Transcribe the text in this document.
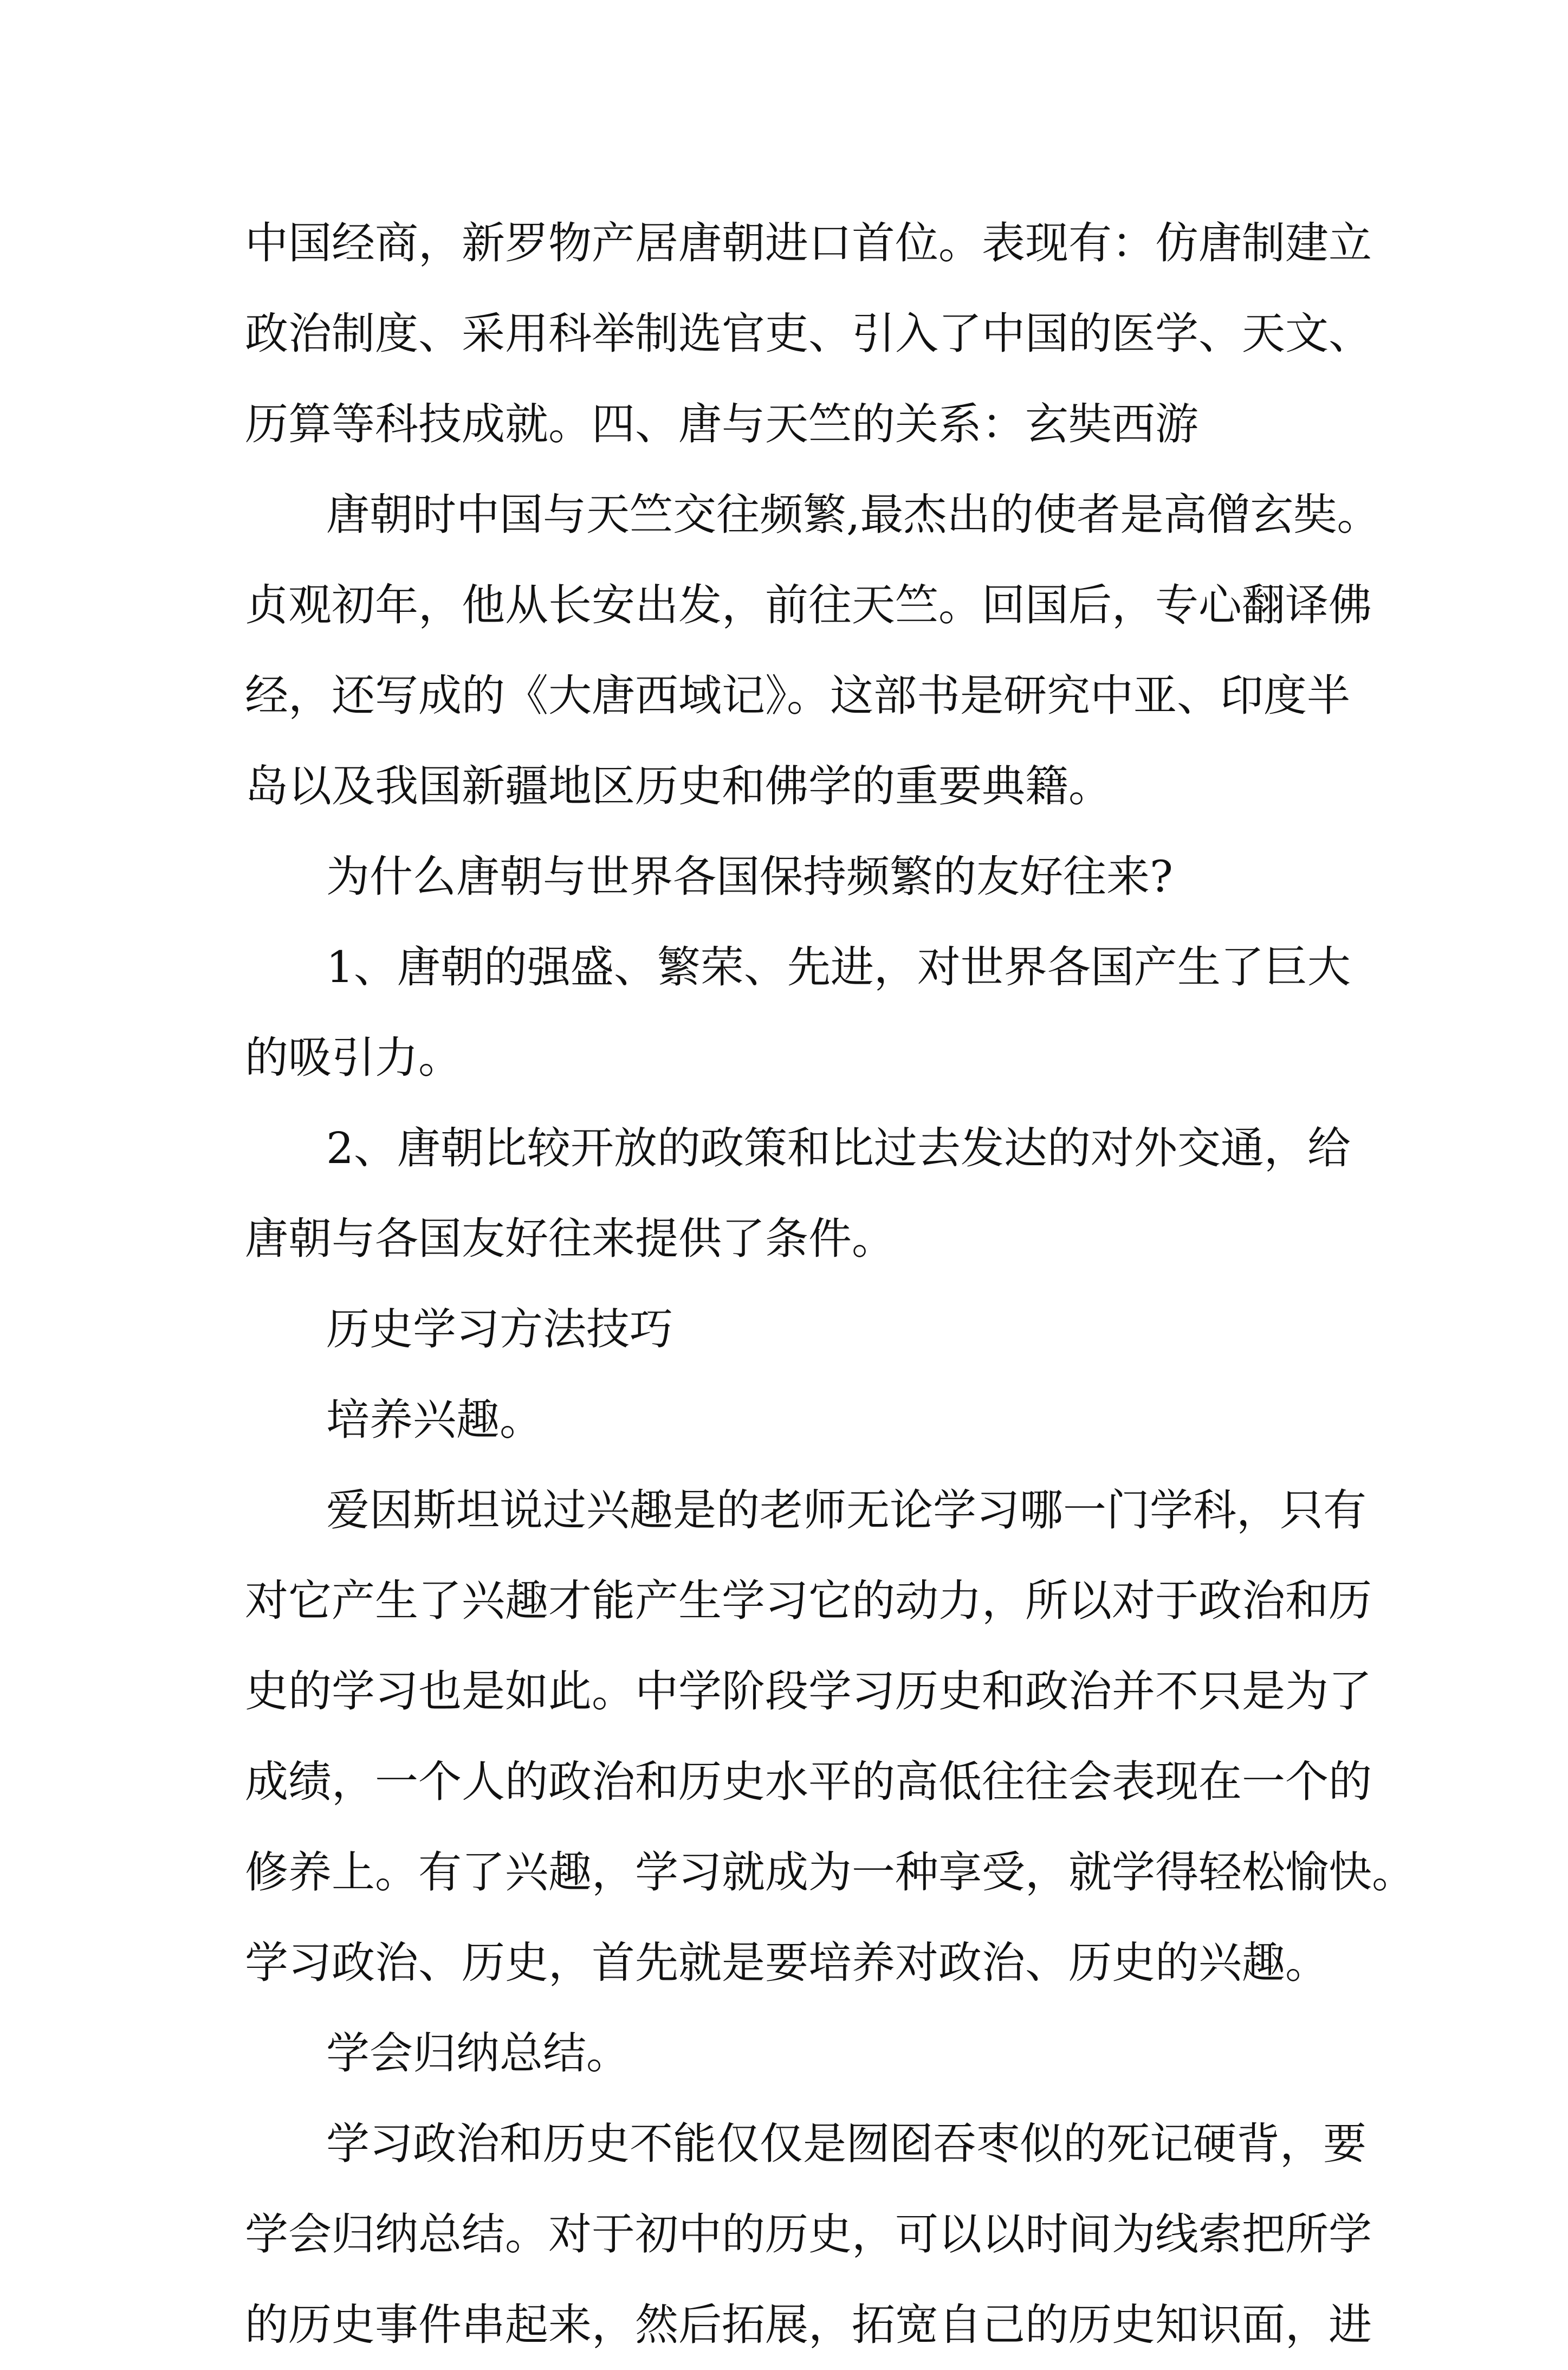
中国经商，新罗物产居唐朝进口首位。表现有：仿唐制建立
政治制度、采用科举制选官吏、引入了中国的医学、天文、
历算等科技成就。四、唐与天竺的关系：玄奘西游
唐朝时中国与天竺交往频繁,最杰出的使者是高僧玄奘。
贞观初年，他从长安出发，前往天竺。回国后，专心翻译佛
经，还写成的《大唐西域记》。这部书是研究中亚、印度半
岛以及我国新疆地区历史和佛学的重要典籍。
为什么唐朝与世界各国保持频繁的友好往来?
1、唐朝的强盛、繁荣、先进，对世界各国产生了巨大
的吸引力。
2、唐朝比较开放的政策和比过去发达的对外交通，给
唐朝与各国友好往来提供了条件。
历史学习方法技巧
培养兴趣。
爱因斯坦说过兴趣是的老师无论学习哪一门学科，只有
对它产生了兴趣才能产生学习它的动力，所以对于政治和历
史的学习也是如此。中学阶段学习历史和政治并不只是为了
成绩，一个人的政治和历史水平的高低往往会表现在一个的
修养上。有了兴趣，学习就成为一种享受，就学得轻松愉快。
学习政治、历史，首先就是要培养对政治、历史的兴趣。
学会归纳总结。
学习政治和历史不能仅仅是囫囵吞枣似的死记硬背，要
学会归纳总结。对于初中的历史，可以以时间为线索把所学
的历史事件串起来，然后拓展，拓宽自己的历史知识面，进
